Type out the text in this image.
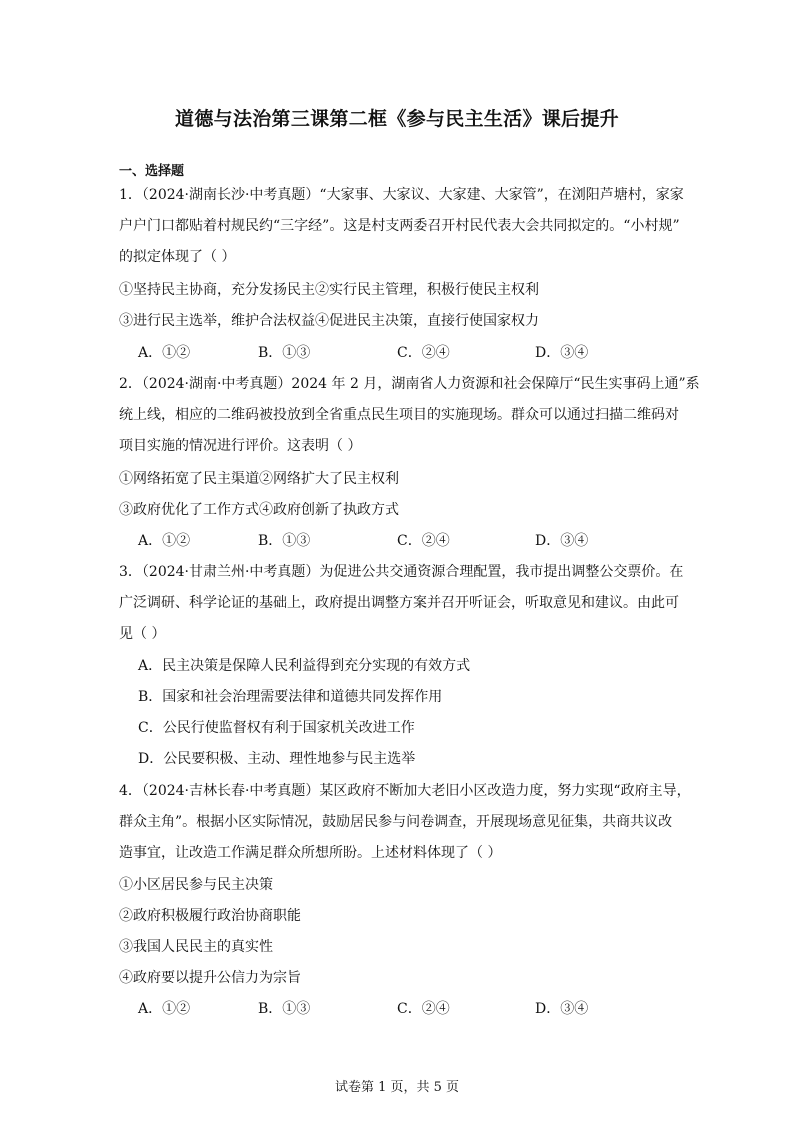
道德与法治第三课第二框《参与民主生活》课后提升
一、选择题
1．（2024·湖南长沙·中考真题）“大家事、大家议、大家建、大家管”，在浏阳芦塘村，家家
户户门口都贴着村规民约“三字经”。这是村支两委召开村民代表大会共同拟定的。“小村规”
的拟定体现了（ ）
①坚持民主协商，充分发扬民主②实行民主管理，积极行使民主权利
③进行民主选举，维护合法权益④促进民主决策，直接行使国家权力
A．①②	B．①③	C．②④	D．③④
2．（2024·湖南·中考真题）2024 年 2 月，湖南省人力资源和社会保障厅“民生实事码上通”系
统上线，相应的二维码被投放到全省重点民生项目的实施现场。群众可以通过扫描二维码对
项目实施的情况进行评价。这表明（ ）
①网络拓宽了民主渠道②网络扩大了民主权利
③政府优化了工作方式④政府创新了执政方式
A．①②	B．①③	C．②④	D．③④
3．（2024·甘肃兰州·中考真题）为促进公共交通资源合理配置，我市提出调整公交票价。在
广泛调研、科学论证的基础上，政府提出调整方案并召开听证会，听取意见和建议。由此可
见（ ）
A．民主决策是保障人民利益得到充分实现的有效方式
B．国家和社会治理需要法律和道德共同发挥作用
C．公民行使监督权有利于国家机关改进工作
D．公民要积极、主动、理性地参与民主选举
4．（2024·吉林长春·中考真题）某区政府不断加大老旧小区改造力度，努力实现“政府主导，
群众主角”。根据小区实际情况，鼓励居民参与问卷调查，开展现场意见征集，共商共议改
造事宜，让改造工作满足群众所想所盼。上述材料体现了（ ）
①小区居民参与民主决策
②政府积极履行政治协商职能
③我国人民民主的真实性
④政府要以提升公信力为宗旨
A．①②	B．①③	C．②④	D．③④
试卷第 1 页，共 5 页
